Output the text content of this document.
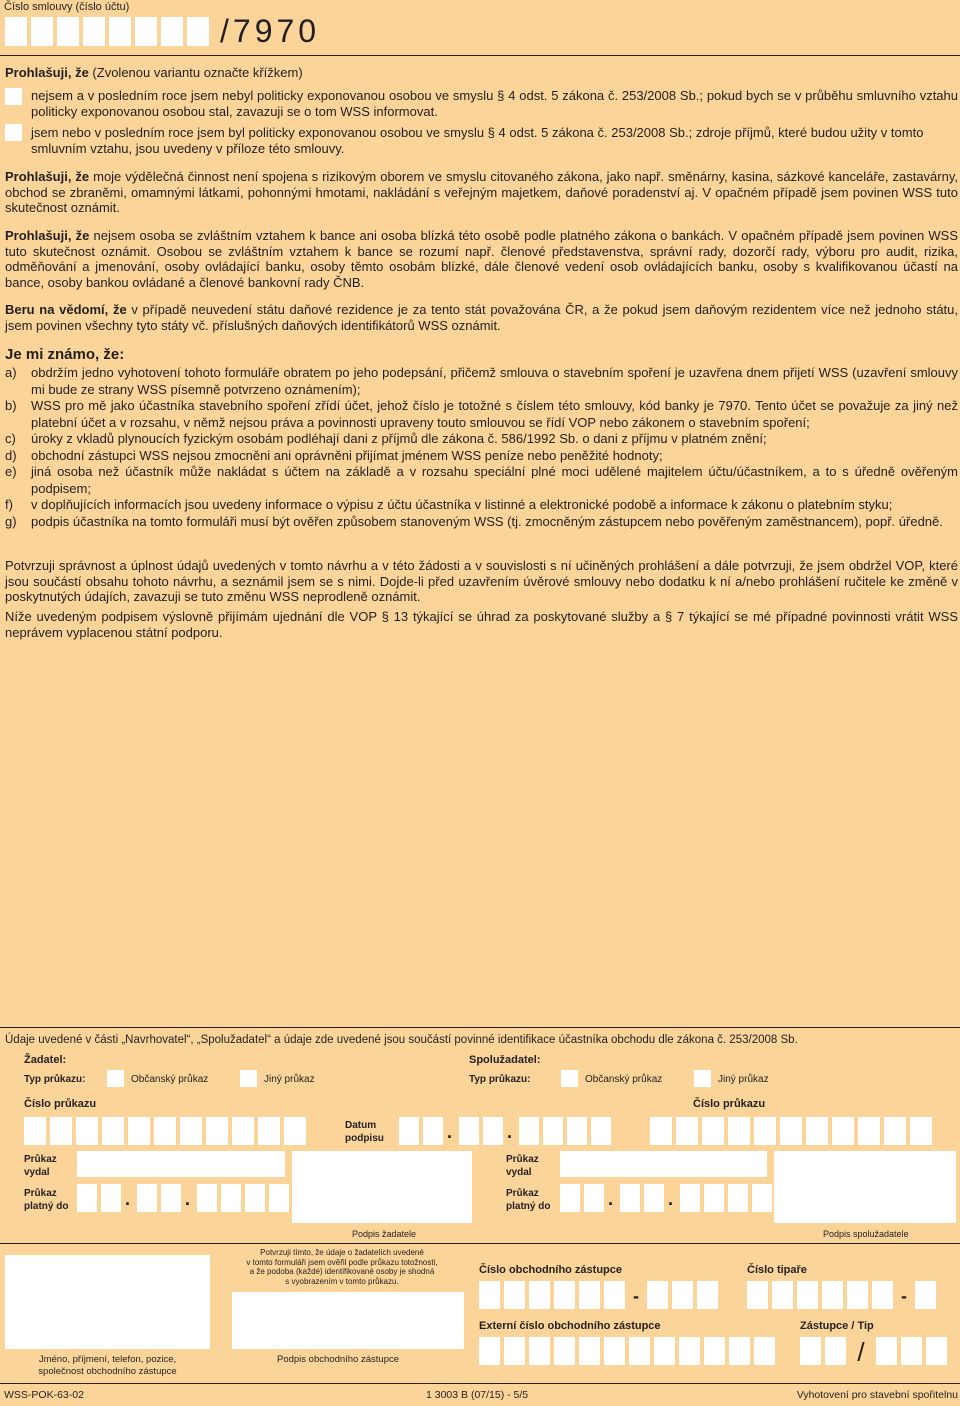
Číslo smlouvy (číslo účtu)
/7970
Prohlašuji, že (Zvolenou variantu označte křížkem)
nejsem a v posledním roce jsem nebyl politicky exponovanou osobou ve smyslu § 4 odst. 5 zákona č. 253/2008 Sb.; pokud bych se v průběhu smluvního vztahu politicky exponovanou osobou stal, zavazuji se o tom WSS informovat.
jsem nebo v posledním roce jsem byl politicky exponovanou osobou ve smyslu § 4 odst. 5 zákona č. 253/2008 Sb.; zdroje příjmů, které budou užity v tomto smluvním vztahu, jsou uvedeny v příloze této smlouvy.

Prohlašuji, že moje výdělečná činnost není spojena s rizikovým oborem ve smyslu citovaného zákona, jako např. směnárny, kasina, sázkové kanceláře, zastavárny, obchod se zbraněmi, omamnými látkami, pohonnými hmotami, nakládání s veřejným majetkem, daňové poradenství aj. V opačném případě jsem povinen WSS tuto skutečnost oznámit.

Prohlašuji, že nejsem osoba se zvláštním vztahem k bance ani osoba blízká této osobě podle platného zákona o bankách. V opačném případě jsem povinen WSS tuto skutečnost oznámit. Osobou se zvláštním vztahem k bance se rozumí např. členové představenstva, správní rady, dozorčí rady, výboru pro audit, rizika, odměňování a jmenování, osoby ovládající banku, osoby těmto osobám blízké, dále členové vedení osob ovládajících banku, osoby s kvalifikovanou účastí na bance, osoby bankou ovládané a členové bankovní rady ČNB.

Beru na vědomí, že v případě neuvedení státu daňové rezidence je za tento stát považována ČR, a že pokud jsem daňovým rezidentem více než jednoho státu, jsem povinen všechny tyto státy vč. příslušných daňových identifikátorů WSS oznámit.

Je mi známo, že:
a)	obdržím jedno vyhotovení tohoto formuláře obratem po jeho podepsání, přičemž smlouva o stavebním spoření je uzavřena dnem přijetí WSS (uzavření smlouvy mi bude ze strany WSS písemně potvrzeno oznámením);
b)	WSS pro mě jako účastníka stavebního spoření zřídí účet, jehož číslo je totožné s číslem této smlouvy, kód banky je 7970. Tento účet se považuje za jiný než platební účet a v rozsahu, v němž nejsou práva a povinnosti upraveny touto smlouvou se řídí VOP nebo zákonem o stavebním spoření;
c)	úroky z vkladů plynoucích fyzickým osobám podléhají dani z příjmů dle zákona č. 586/1992 Sb. o dani z příjmu v platném znění;
d)	obchodní zástupci WSS nejsou zmocněni ani oprávněni přijímat jménem WSS peníze nebo peněžité hodnoty;
e)	jiná osoba než účastník může nakládat s účtem na základě a v rozsahu speciální plné moci udělené majitelem účtu/účastníkem, a to s úředně ověřeným podpisem;
f)	v doplňujících informacích jsou uvedeny informace o výpisu z účtu účastníka v listinné a elektronické podobě a informace k zákonu o platebním styku;
g)	podpis účastníka na tomto formuláři musí být ověřen způsobem stanoveným WSS (tj. zmocněným zástupcem nebo pověřeným zaměstnancem), popř. úředně.

Potvrzuji správnost a úplnost údajů uvedených v tomto návrhu a v této žádosti a v souvislosti s ní učiněných prohlášení a dále potvrzuji, že jsem obdržel VOP, které jsou součástí obsahu tohoto návrhu, a seznámil jsem se s nimi. Dojde-li před uzavřením úvěrové smlouvy nebo dodatku k ní a/nebo prohlášení ručitele ke změně v poskytnutých údajích, zavazuji se tuto změnu WSS neprodleně oznámit.

Níže uvedeným podpisem výslovně přijímám ujednání dle VOP § 13 týkající se úhrad za poskytované služby a § 7 týkající se mé případné povinnosti vrátit WSS neprávem vyplacenou státní podporu.

Údaje uvedené v části „Navrhovatel“, „Spolužadatel“ a údaje zde uvedené jsou součástí povinné identifikace účastníka obchodu dle zákona č. 253/2008 Sb.
Žadatel:
Typ průkazu:	Občanský průkaz	Jiný průkaz
Číslo průkazu
Datum
podpisu	.	.
Průkaz
vydal
Průkaz
platný do	.	.
Podpis žadatele
Spolužadatel:
Typ průkazu:	Občanský průkaz	Jiný průkaz
Číslo průkazu
Průkaz
vydal
Průkaz
platný do	.	.
Podpis spolužadatele
Jméno, příjmení, telefon, pozice,
společnost obchodního zástupce
Potvrzuji tímto, že údaje o žadatelích uvedené
v tomto formuláři jsem ověřil podle průkazu totožnosti,
a že podoba (každé) identifikované osoby je shodná
s vyobrazením v tomto průkazu.
Podpis obchodního zástupce
Číslo obchodního zástupce
-
Číslo tipaře
-
Externí číslo obchodního zástupce	Zástupce / Tip
/
WSS-POK-63-02	1 3003 B (07/15) - 5/5	Vyhotovení pro stavební spořitelnu
